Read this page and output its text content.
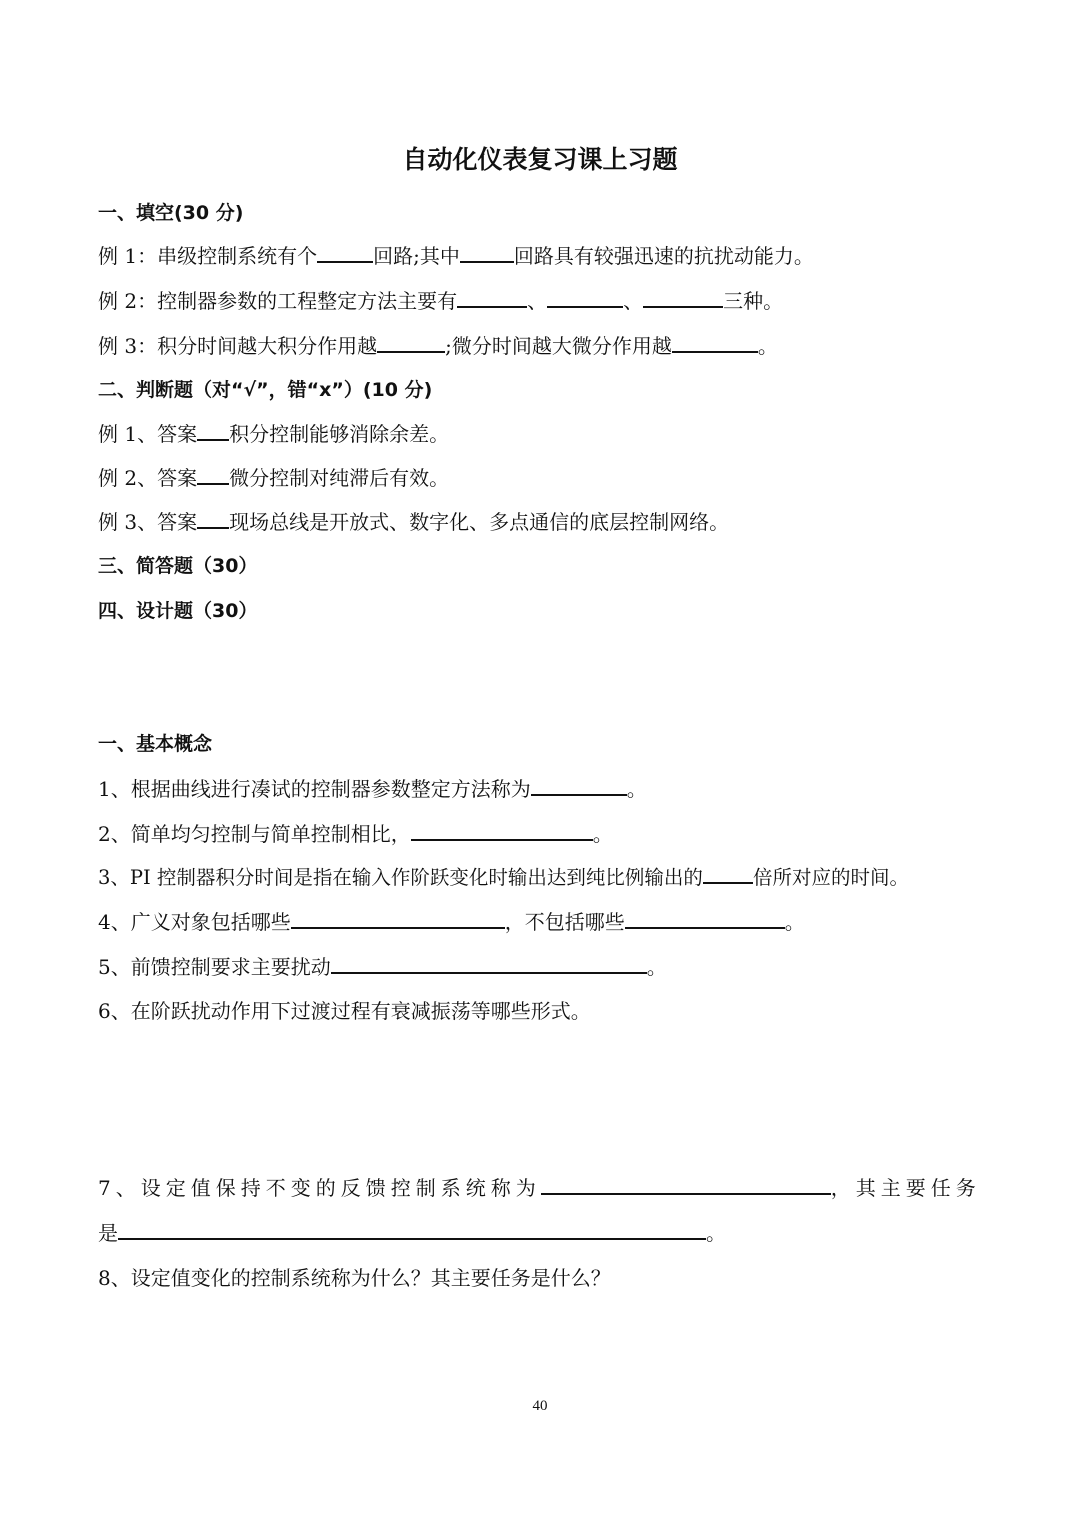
自动化仪表复习课上习题
一、填空(30 分)
例 1：串级控制系统有个	回路;其中	回路具有较强迅速的抗扰动能力。
例 2：控制器参数的工程整定方法主要有	、	、	三种。
例 3：积分时间越大积分作用越	;微分时间越大微分作用越	。
二、判断题（对“√”，错“x”）(10 分)
例 1、答案 积分控制能够消除余差。
例 2、答案 微分控制对纯滞后有效。
例 3、答案 现场总线是开放式、数字化、多点通信的底层控制网络。
三、简答题（30）
四、设计题（30）
一、基本概念
1、根据曲线进行凑试的控制器参数整定方法称为	。
2、简单均匀控制与简单控制相比，	。
3、PI 控制器积分时间是指在输入作阶跃变化时输出达到纯比例输出的	倍所对应的时间。
4、广义对象包括哪些	，不包括哪些	。
5、前馈控制要求主要扰动	。
6、在阶跃扰动作用下过渡过程有衰减振荡等哪些形式。
7、设定值保持不变的反馈控制系统称为	，其主要任务
是	。
8、设定值变化的控制系统称为什么？其主要任务是什么？
40
